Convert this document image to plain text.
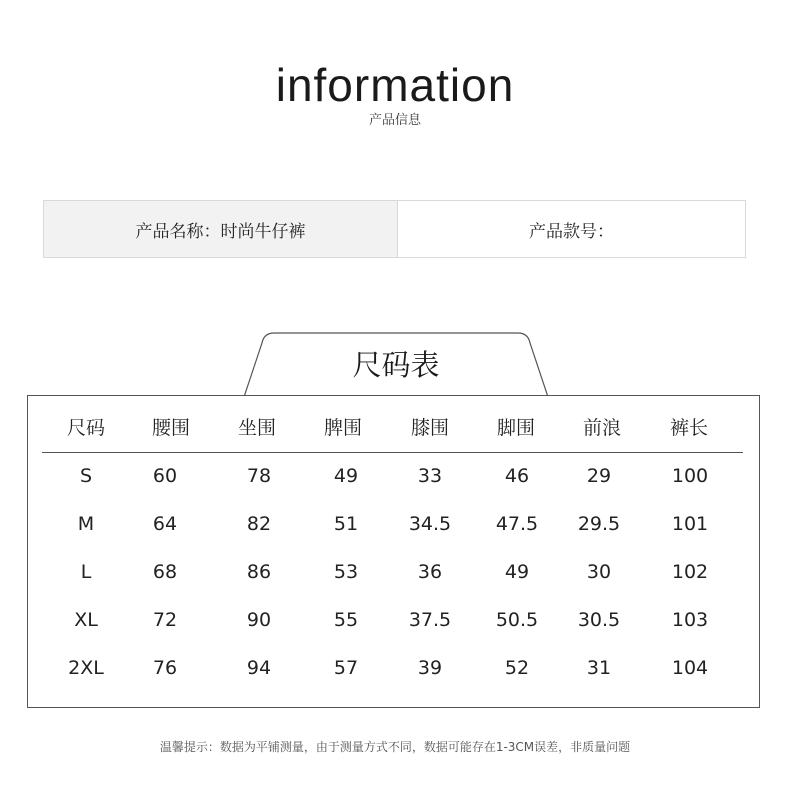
information
产品信息
产品名称：时尚牛仔裤	产品款号：
尺码表
尺码	腰围	坐围	脾围	膝围	脚围	前浪	裤长
S	60	78	49	33	46	29	100
M	64	82	51	34.5	47.5	29.5	101
L	68	86	53	36	49	30	102
XL	72	90	55	37.5	50.5	30.5	103
2XL	76	94	57	39	52	31	104
温馨提示：数据为平铺测量，由于测量方式不同，数据可能存在1-3CM误差，非质量问题
